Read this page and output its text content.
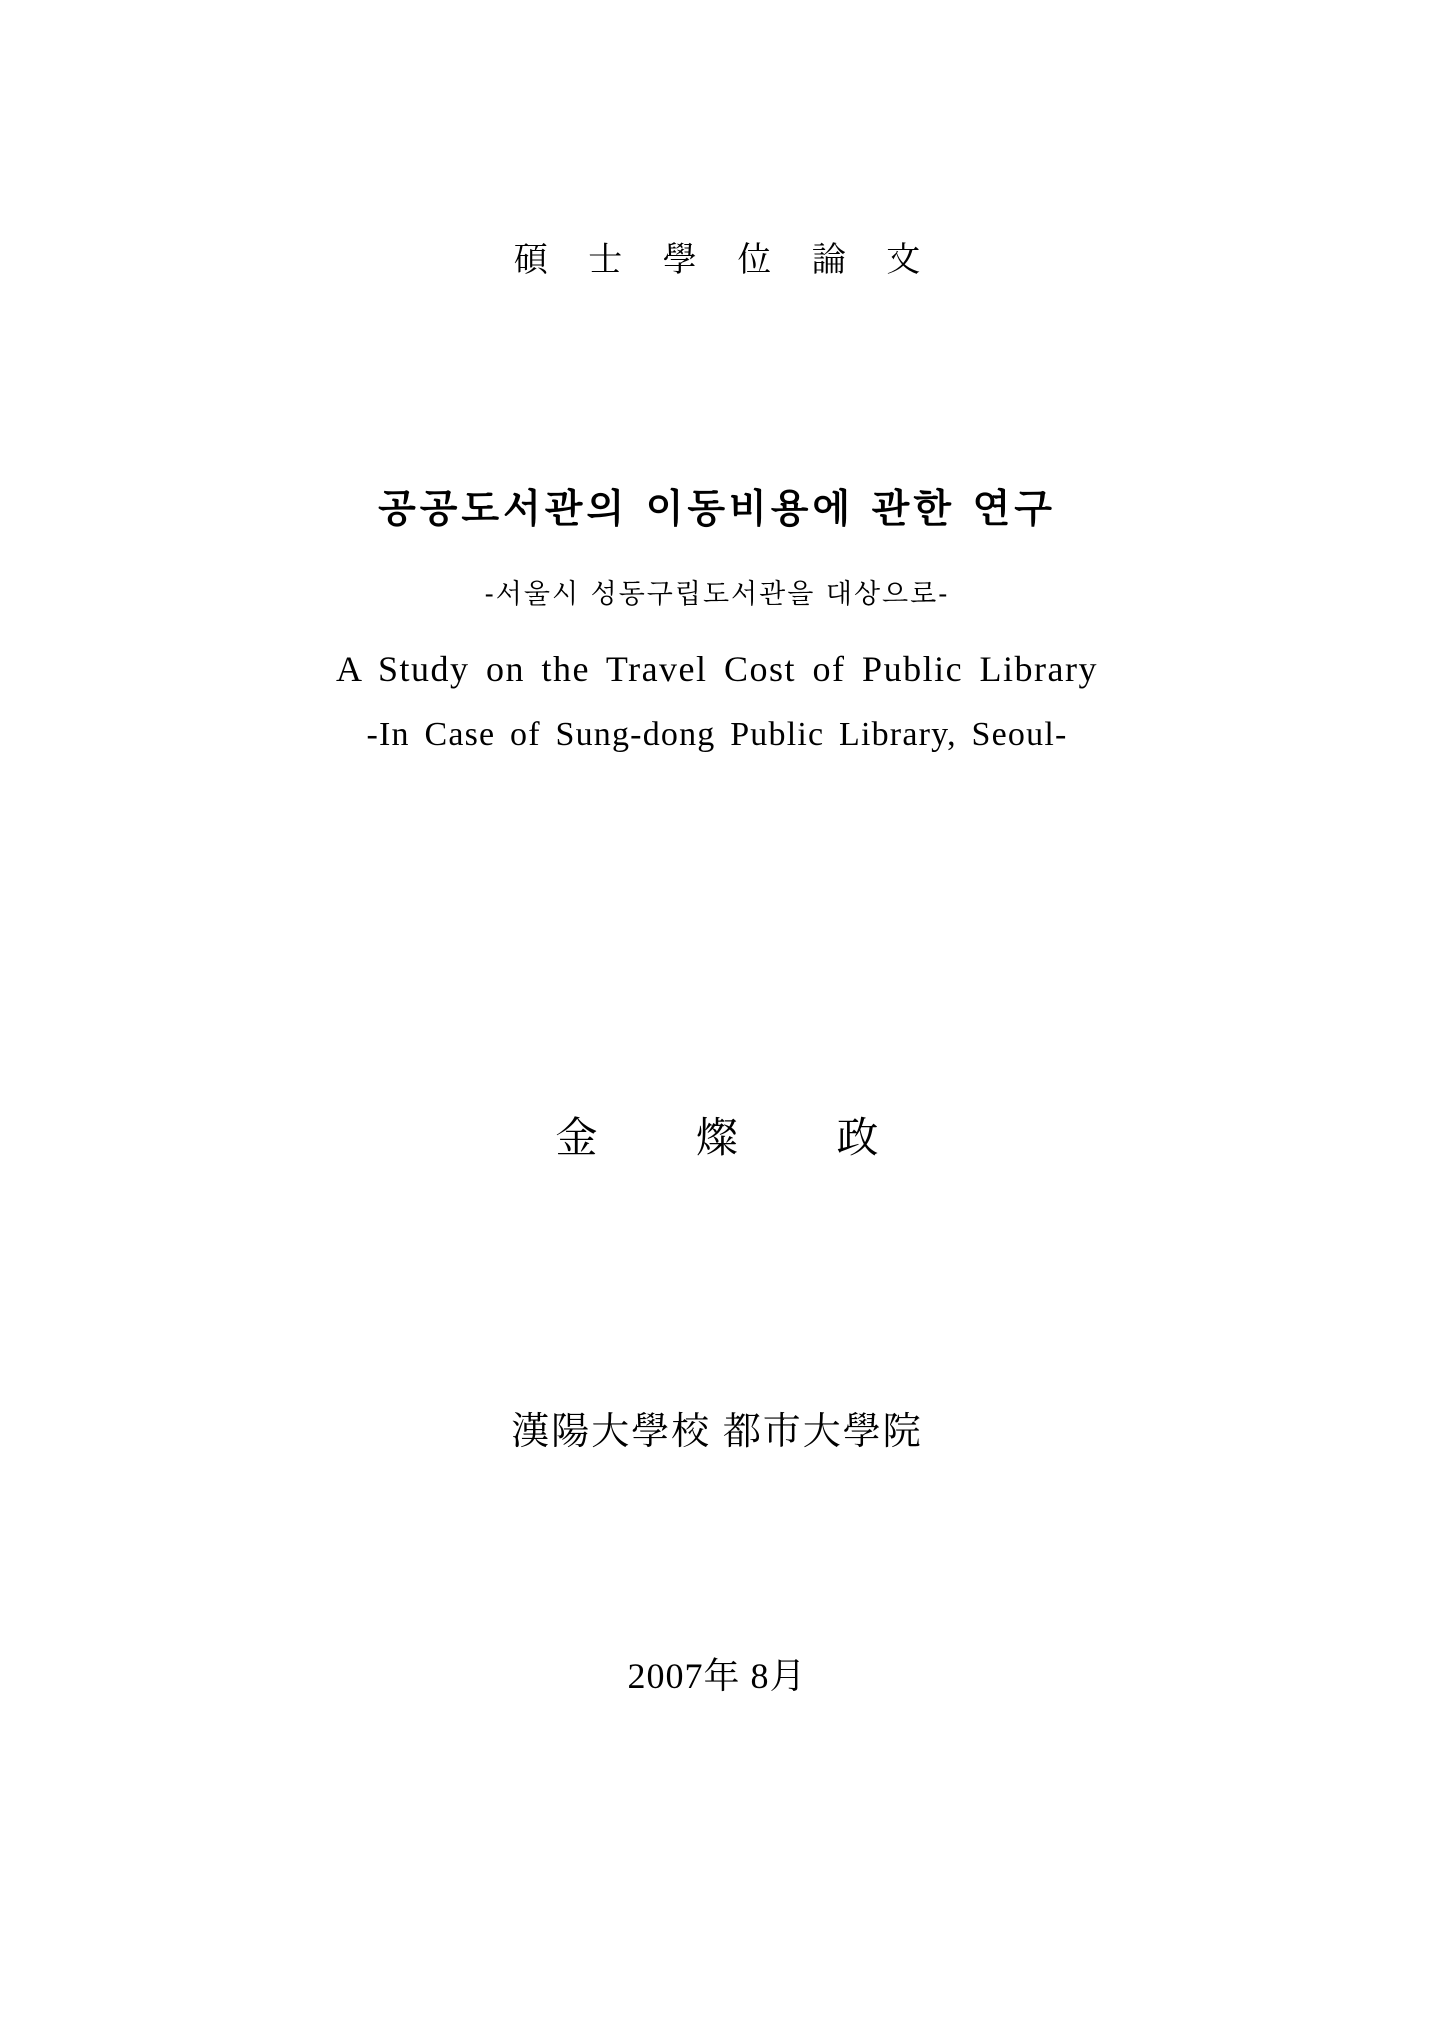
碩 士 學 位 論 文
공공도서관의 이동비용에 관한 연구
-서울시 성동구립도서관을 대상으로-
A Study on the Travel Cost of Public Library
-In Case of Sung-dong Public Library, Seoul-
金 燦 政
漢陽大學校 都市大學院
2007年 8月
